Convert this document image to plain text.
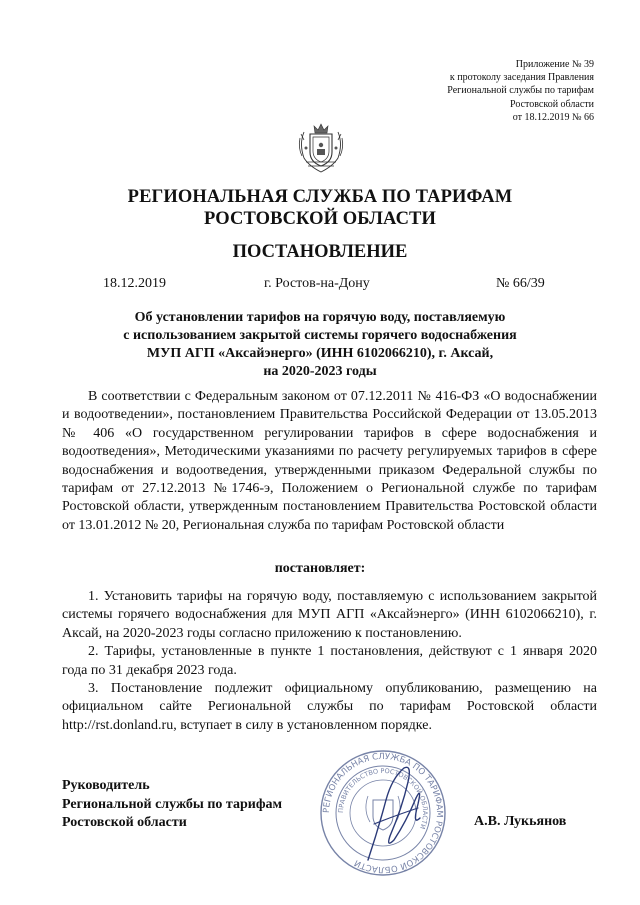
Приложение № 39
к протоколу заседания Правления
Региональной службы по тарифам
Ростовской области
от 18.12.2019 № 66
РЕГИОНАЛЬНАЯ СЛУЖБА ПО ТАРИФАМ
РОСТОВСКОЙ ОБЛАСТИ
ПОСТАНОВЛЕНИЕ
18.12.2019	г. Ростов-на-Дону	№ 66/39
Об установлении тарифов на горячую воду, поставляемую
с использованием закрытой системы горячего водоснабжения
МУП АГП «Аксайэнерго» (ИНН 6102066210), г. Аксай,
на 2020-2023 годы

В соответствии с Федеральным законом от 07.12.2011 № 416-ФЗ «О водоснабжении и водоотведении», постановлением Правительства Российской Федерации от 13.05.2013 № 406 «О государственном регулировании тарифов в сфере водоснабжения и водоотведения», Методическими указаниями по расчету регулируемых тарифов в сфере водоснабжения и водоотведения, утвержденными приказом Федеральной службы по тарифам от 27.12.2013 №1746-э, Положением о Региональной службе по тарифам Ростовской области, утвержденным постановлением Правительства Ростовской области от 13.01.2012 № 20, Региональная служба по тарифам Ростовской области

постановляет:

1. Установить тарифы на горячую воду, поставляемую с использованием закрытой системы горячего водоснабжения для МУП АГП «Аксайэнерго» (ИНН 6102066210), г. Аксай, на 2020-2023 годы согласно приложению к постановлению.

2. Тарифы, установленные в пункте 1 постановления, действуют с 1 января 2020 года по 31 декабря 2023 года.

3. Постановление подлежит официальному опубликованию, размещению на официальном сайте Региональной службы по тарифам Ростовской области http://rst.donland.ru, вступает в силу в установленном порядке.

Руководитель
Региональной службы по тарифам
Ростовской области
РЕГИОНАЛЬНАЯ СЛУЖБА ПО ТАРИФАМ РОСТОВСКОЙ ОБЛАСТИ
ПРАВИТЕЛЬСТВО РОСТОВСКОЙ ОБЛАСТИ	А.В. Лукьянов
